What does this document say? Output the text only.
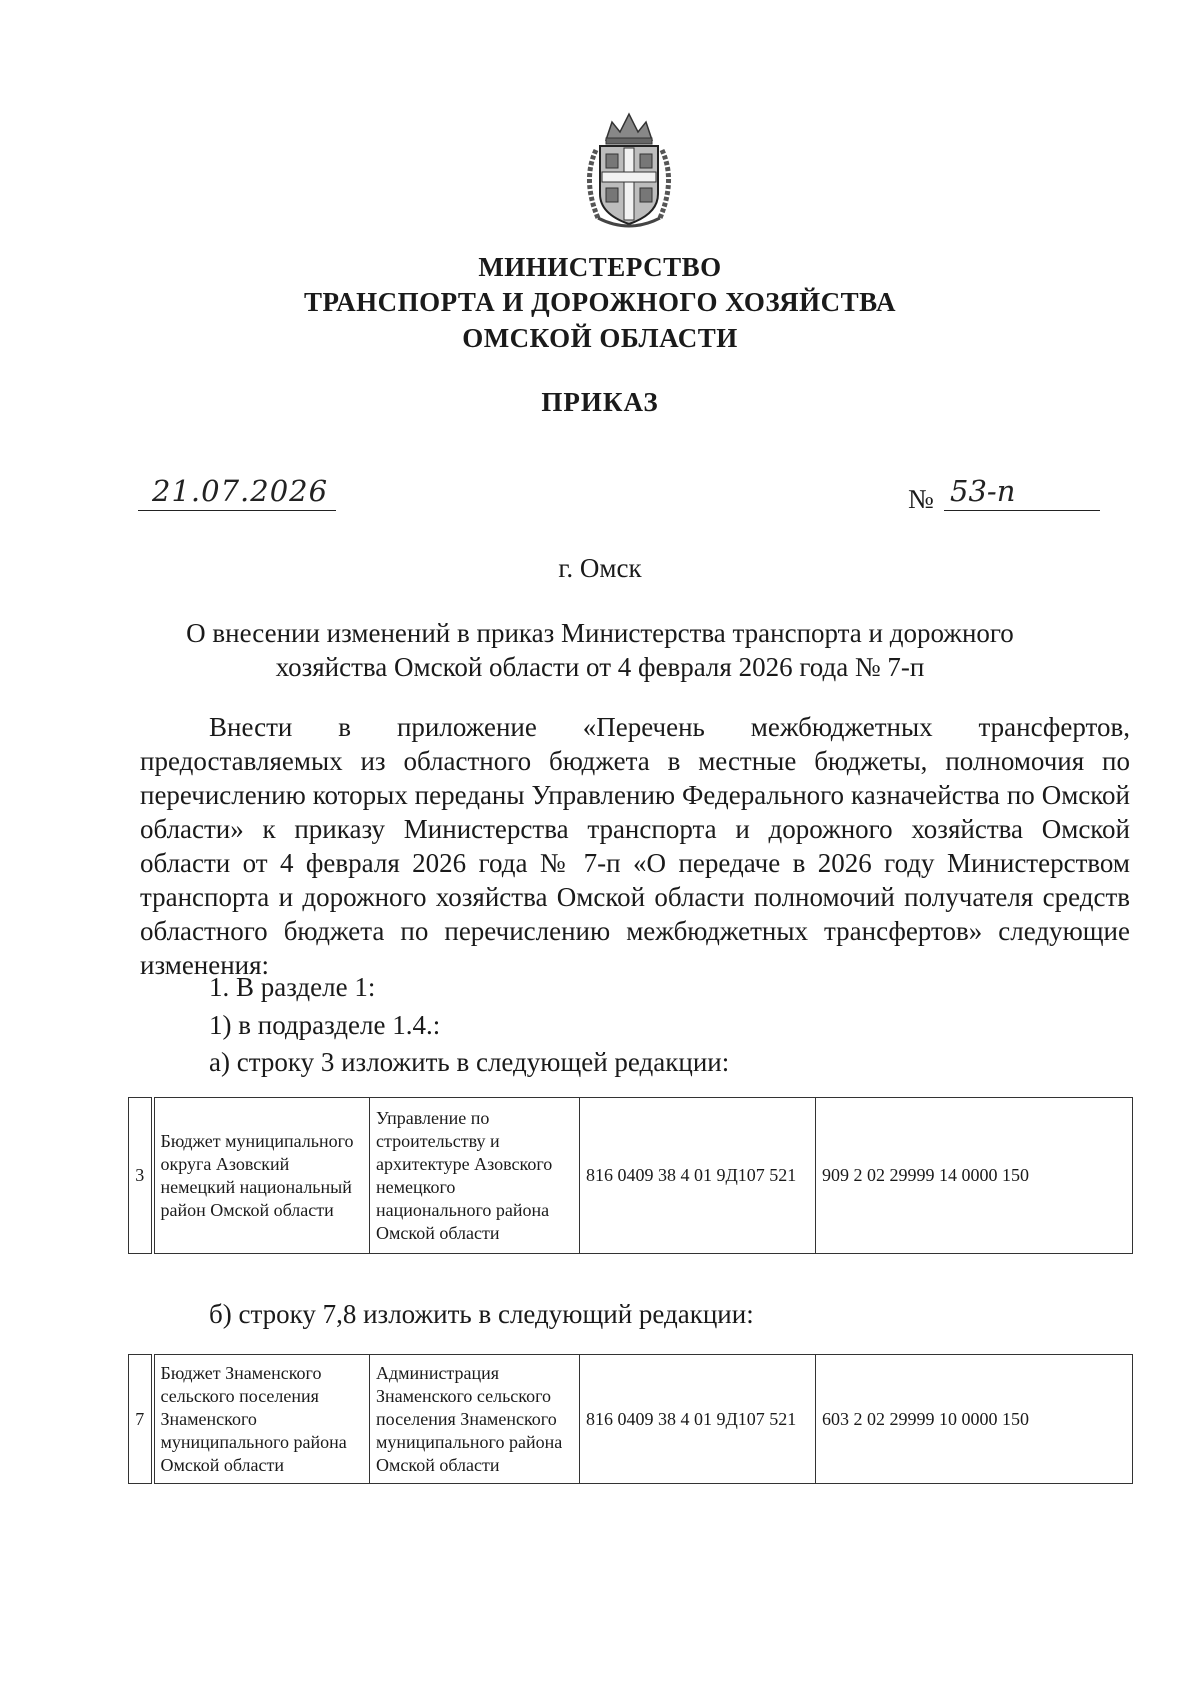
МИНИСТЕРСТВО
ТРАНСПОРТА И ДОРОЖНОГО ХОЗЯЙСТВА
ОМСКОЙ ОБЛАСТИ
ПРИКАЗ
21.07.2026	№ 53-п
г. Омск
О внесении изменений в приказ Министерства транспорта и дорожного
хозяйства Омской области от 4 февраля 2026 года № 7-п

Внести в приложение «Перечень межбюджетных трансфертов, предоставляемых из областного бюджета в местные бюджеты, полномочия по перечислению которых переданы Управлению Федерального казначейства по Омской области» к приказу Министерства транспорта и дорожного хозяйства Омской области от 4 февраля 2026 года № 7-п «О передаче в 2026 году Министерством транспорта и дорожного хозяйства Омской области полномочий получателя средств областного бюджета по перечислению межбюджетных трансфертов» следующие изменения:

1. В разделе 1:
1) в подразделе 1.4.:
а) строку 3 изложить в следующей редакции:
3	Бюджет муниципального округа Азовский немецкий национальный район Омской области	Управление по строительству и архитектуре Азовского немецкого национального района Омской области	816 0409 38 4 01 9Д107 521	909 2 02 29999 14 0000 150
б) строку 7,8 изложить в следующий редакции:
7	Бюджет Знаменского сельского поселения Знаменского муниципального района Омской области	Администрация Знаменского сельского поселения Знаменского муниципального района Омской области	816 0409 38 4 01 9Д107 521	603 2 02 29999 10 0000 150
